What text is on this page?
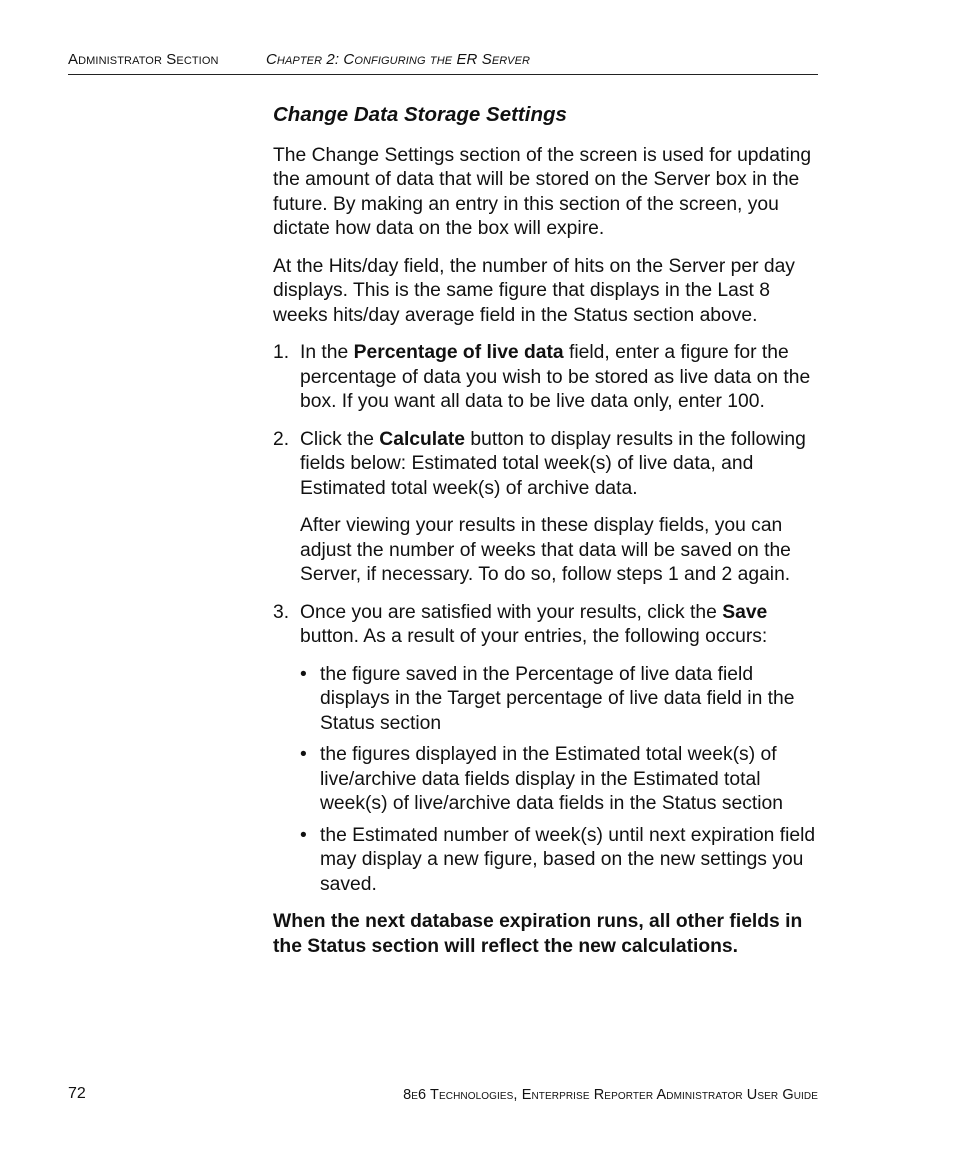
Administrator Section	Chapter 2: Configuring the ER Server
Change Data Storage Settings

The Change Settings section of the screen is used for updating the amount of data that will be stored on the Server box in the future. By making an entry in this section of the screen, you dictate how data on the box will expire.

At the Hits/day field, the number of hits on the Server per day displays. This is the same figure that displays in the Last 8 weeks hits/day average field in the Status section above.

1. In the Percentage of live data field, enter a figure for the percentage of data you wish to be stored as live data on the box. If you want all data to be live data only, enter 100.

2. Click the Calculate button to display results in the following fields below: Estimated total week(s) of live data, and Estimated total week(s) of archive data.

After viewing your results in these display fields, you can adjust the number of weeks that data will be saved on the Server, if necessary. To do so, follow steps 1 and 2 again.

3. Once you are satisfied with your results, click the Save button. As a result of your entries, the following occurs:

• the figure saved in the Percentage of live data field displays in the Target percentage of live data field in the Status section
• the figures displayed in the Estimated total week(s) of live/archive data fields display in the Estimated total week(s) of live/archive data fields in the Status section
• the Estimated number of week(s) until next expiration field may display a new figure, based on the new settings you saved.

When the next database expiration runs, all other fields in the Status section will reflect the new calculations.

72	8e6 Technologies, Enterprise Reporter Administrator User Guide
